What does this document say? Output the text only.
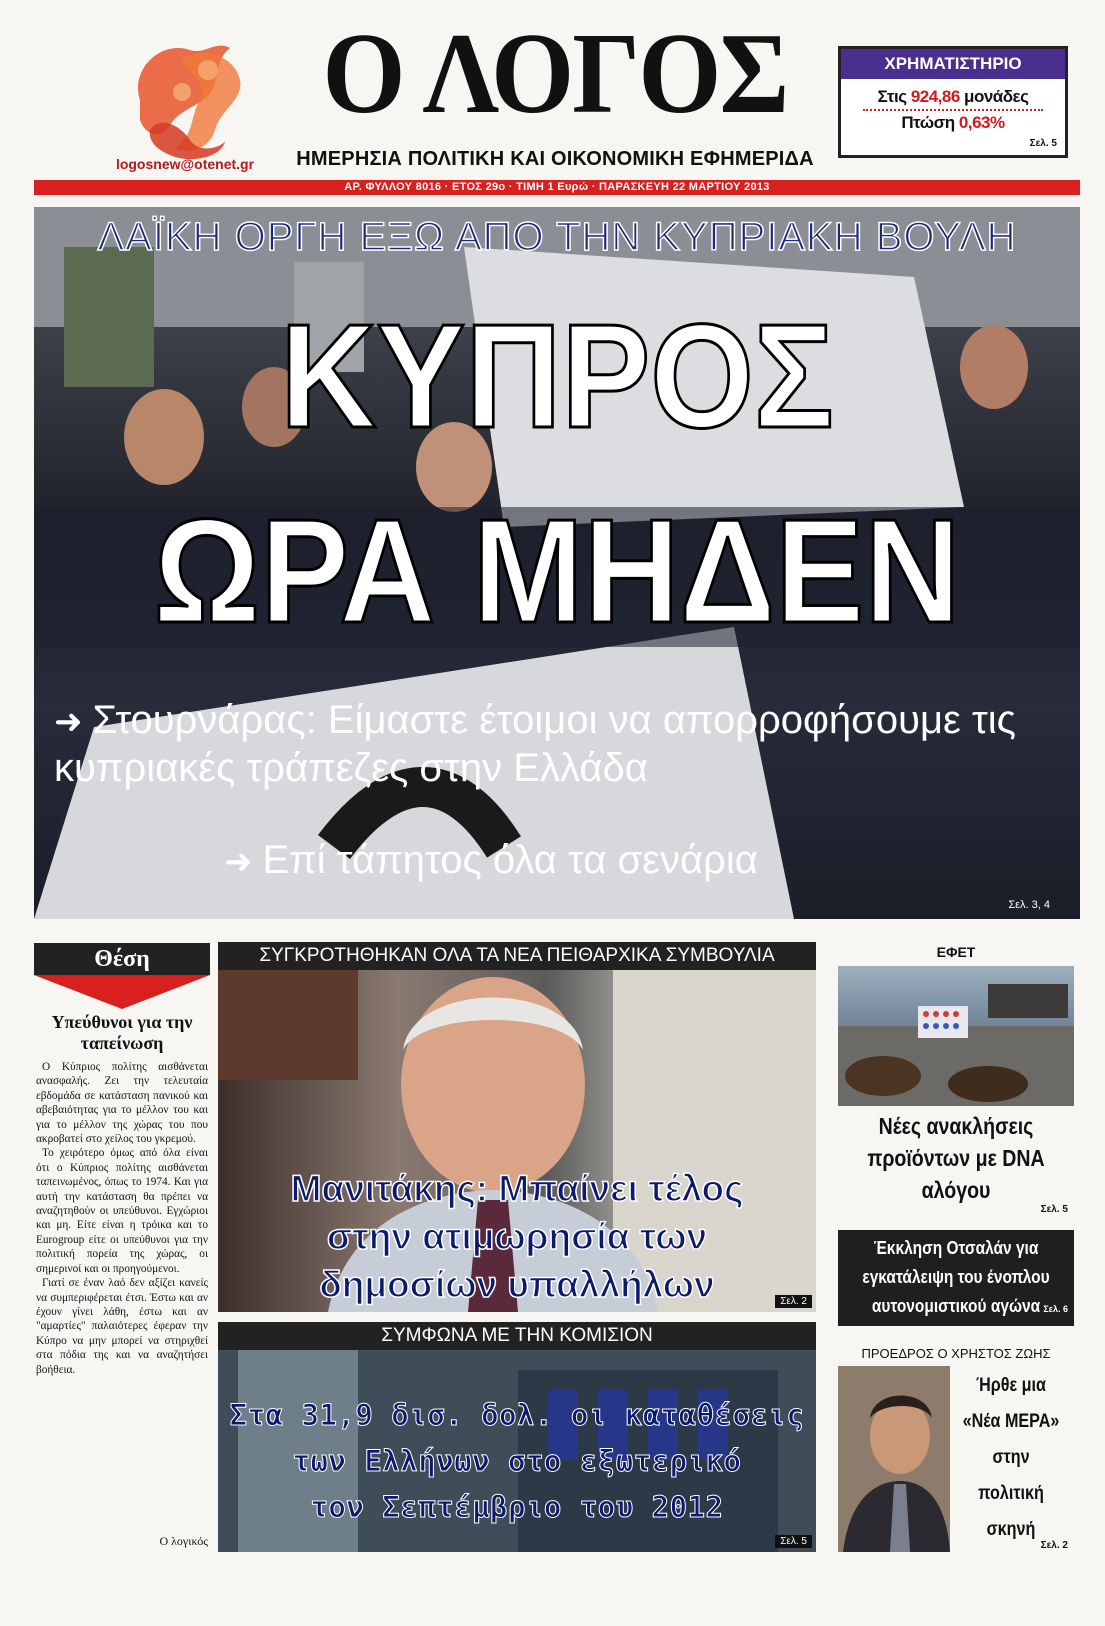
logosnew@otenet.gr
Ο ΛΟΓΟΣ
ΗΜΕΡΗΣΙΑ ΠΟΛΙΤΙΚΗ ΚΑΙ ΟΙΚΟΝΟΜΙΚΗ ΕΦΗΜΕΡΙΔΑ
ΧΡΗΜΑΤΙΣΤΗΡΙΟ
Στις 924,86 μονάδες
Πτώση 0,63%
Σελ. 5
ΑΡ. ΦΥΛΛΟΥ 8016 · ΕΤΟΣ 29ο · ΤΙΜΗ 1 Ευρώ · ΠΑΡΑΣΚΕΥΗ 22 ΜΑΡΤΙΟΥ 2013
ΛΑΪΚΗ ΟΡΓΗ ΕΞΩ ΑΠΟ ΤΗΝ ΚΥΠΡΙΑΚΗ ΒΟΥΛΗ
ΚΥΠΡΟΣ
ΩΡΑ ΜΗΔΕΝ
➜ Στουρνάρας: Είμαστε έτοιμοι να απορροφήσουμε τις κυπριακές τράπεζες στην Ελλάδα
➜ Επί τάπητος όλα τα σενάρια
Σελ. 3, 4
Θέση
Υπεύθυνοι για την ταπείνωση

Ο Κύπριος πολίτης αισθάνεται ανασφαλής. Ζει την τελευταία εβδομάδα σε κατάσταση πανικού και αβεβαιότητας για το μέλλον του και για το μέλλον της χώρας του που ακροβατεί στο χείλος του γκρεμού.

Το χειρότερο όμως από όλα είναι ότι ο Κύπριος πολίτης αισθάνεται ταπεινωμένος, όπως το 1974. Και για αυτή την κατάσταση θα πρέπει να αναζητηθούν οι υπεύθυνοι. Εγχώριοι και μη. Είτε είναι η τρόικα και το Eurogroup είτε οι υπεύθυνοι για την πολιτική πορεία της χώρας, οι σημερινοί και οι προηγούμενοι.

Γιατί σε έναν λαό δεν αξίζει κανείς να συμπεριφέρεται έτσι. Έστω και αν έχουν γίνει λάθη, έστω και αν "αμαρτίες" παλαιότερες έφεραν την Κύπρο να μην μπορεί να στηριχθεί στα πόδια της και να αναζητήσει βοήθεια.

Ο λογικός
ΣΥΓΚΡΟΤΗΘΗΚΑΝ ΟΛΑ ΤΑ ΝΕΑ ΠΕΙΘΑΡΧΙΚΑ ΣΥΜΒΟΥΛΙΑ
Μανιτάκης: Μπαίνει τέλος
στην ατιμωρησία των
δημοσίων υπαλλήλων	Σελ. 2
ΣΥΜΦΩΝΑ ΜΕ ΤΗΝ ΚΟΜΙΣΙΟΝ
Στα 31,9 δισ. δολ. οι καταθέσεις
των Ελλήνων στο εξωτερικό
τον Σεπτέμβριο του 2012
Σελ. 5
ΕΦΕΤ
Νέες ανακλήσεις
προϊόντων με DNA
αλόγου
Σελ. 5
Έκκληση Οτσαλάν για
εγκατάλειψη του ένοπλου
αυτονομιστικού αγώνα Σελ. 6
ΠΡΟΕΔΡΟΣ Ο ΧΡΗΣΤΟΣ ΖΩΗΣ
Ήρθε μια
«Νέα ΜΕΡΑ»
στην
πολιτική
σκηνή
Σελ. 2
